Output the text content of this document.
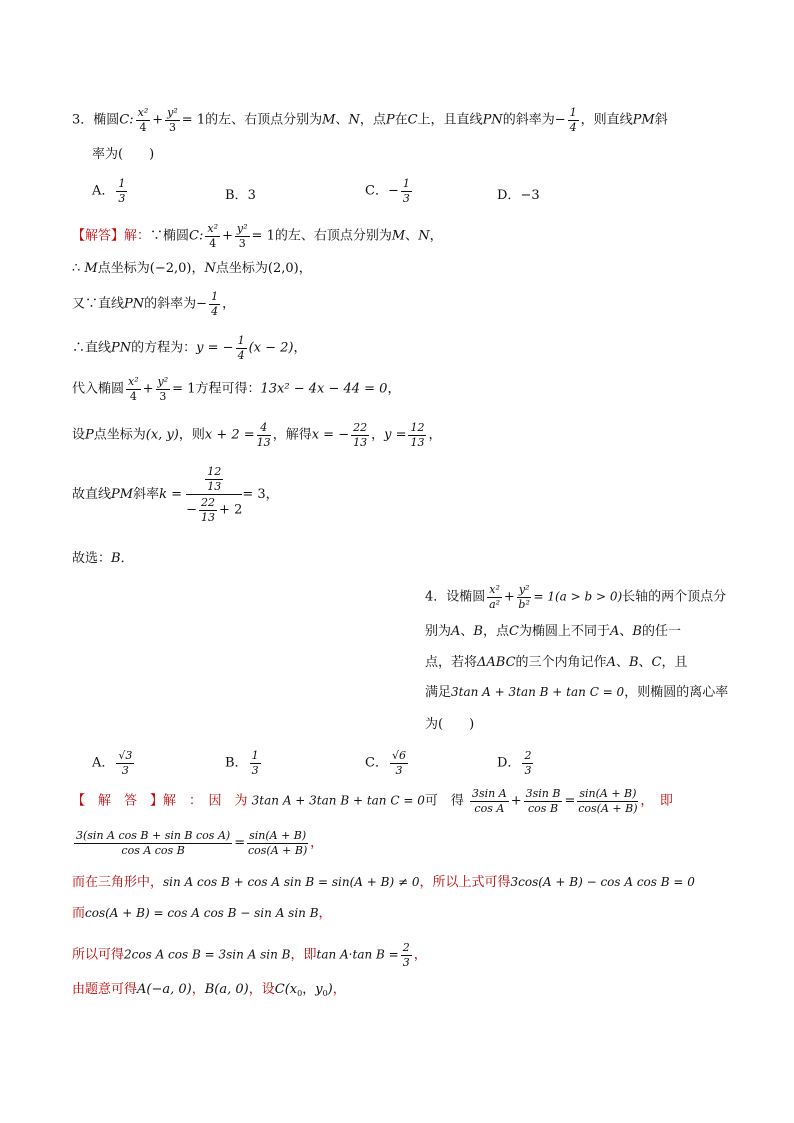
3．椭圆C: $\frac{\text{x²}}{4} + \frac{\text{y²}}{3} = 1$的左、右顶点分别为M、N，点P在C上，且直线PN的斜率为− $\frac{1}{4}$ ，则直线PM斜
率为(　　)
A． $\frac{1}{3}$	B．3	C．− $\frac{1}{3}$	D．−3
【解答】解：∵椭圆C: $\frac{\text{x²}}{4} + \frac{\text{y²}}{3} = 1$的左、右顶点分别为M、N，
∴ M点坐标为(−2,0)，N点坐标为(2,0)，
又∵直线PN的斜率为− $\frac{1}{4}$ ，
∴直线PN的方程为：y = − $\frac{1}{4} (x - 2)$，
代入椭圆 $\frac{\text{x²}}{4} + \frac{\text{y²}}{3} = 1$方程可得：13x² − 4x − 44 = 0，
设P点坐标为(x, y)，则$x + 2 = \frac{4}{13}$ ，解得x = − $\frac{22}{13}$ ，$y = \frac{12}{13}$ ，
故直线PM斜率$k = \frac{\frac{12}{13}}{- \frac{22}{13} + 2} = 3$，
故选：B．
4．设椭圆 $\frac{\text{x²}}{\text{a²}} + \frac{\text{y²}}{\text{b²}} = 1(a > b > 0)$长轴的两个顶点分
别为A、B，点C为椭圆上不同于A、B的任一
点，若将ΔABC的三个内角记作A、B、C，且
满足3tan A + 3tan B + tan C = 0，则椭圆的离心率
为(　　)
A． $\frac{√3}{3}$	B． $\frac{1}{3}$	C． $\frac{√6}{3}$	D． $\frac{2}{3}$
【　解　答　】解　：　因　为 3tan A + 3tan B + tan C = 0可　得 $\frac{\text{3sin A}}{\text{cos A}} + \frac{\text{3sin B}}{\text{cos B}} = \frac{\sin(A + B)}{\cos(A + B)}$ ，　即
$\frac{\text{3(sin A cos B + sin B cos A)}}{\text{cos A cos B}} = \frac{\sin(A + B)}{\cos(A + B)}$ ，
而在三角形中，sin A cos B + cos A sin B = sin(A + B) ≠ 0，所以上式可得3cos(A + B) − cos A cos B = 0
而cos(A + B) = cos A cos B − sin A sin B，
所以可得2cos A cos B = 3sin A sin B，即tan A·tan $B = \frac{2}{3}$ ，
由题意可得A(−a, 0)，B(a, 0)，设$C(x_0$，$y_0$)，
